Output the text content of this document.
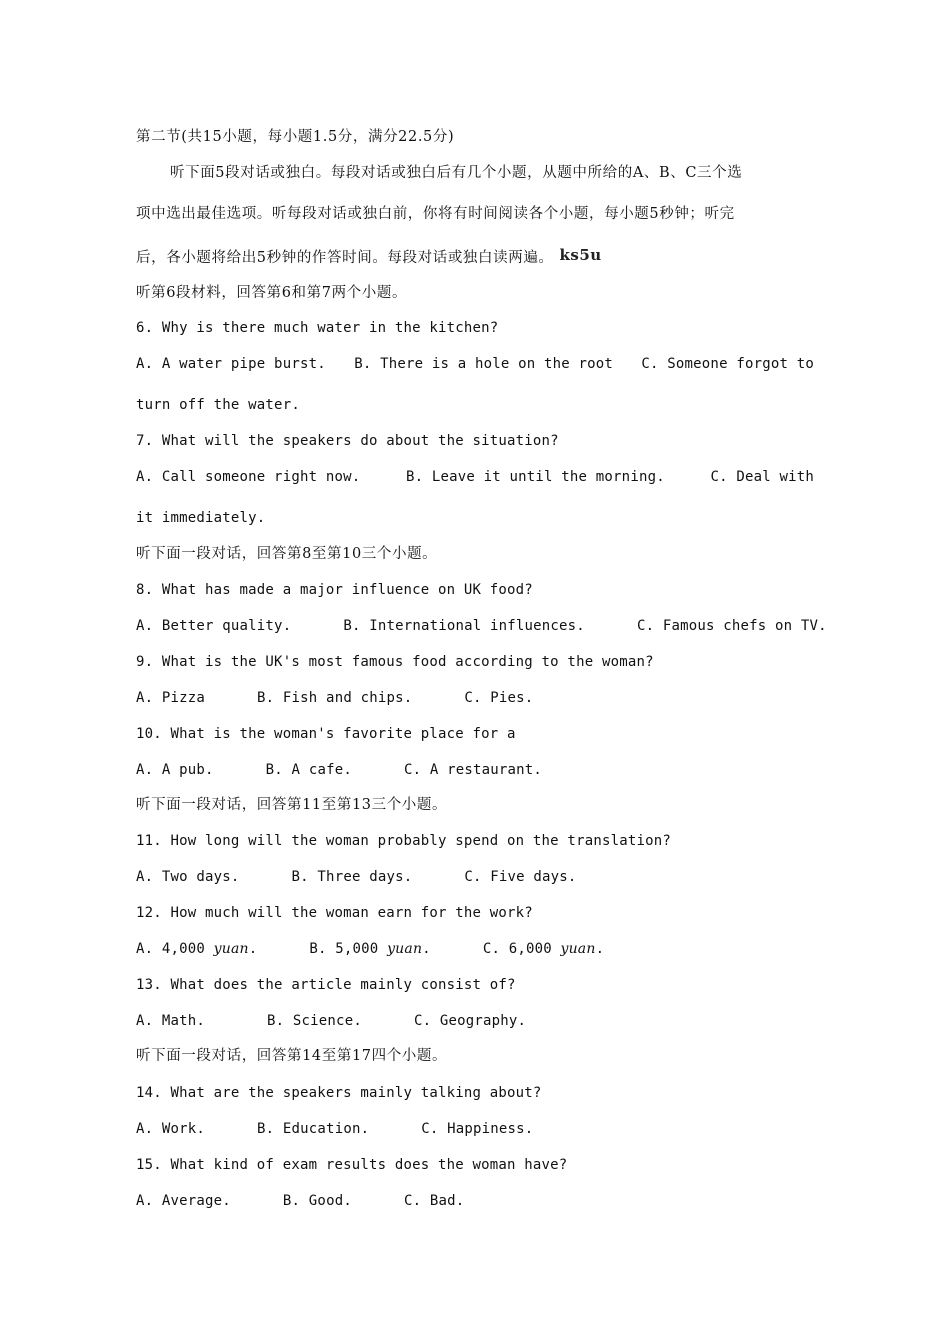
第二节(共15小题，每小题1.5分，满分22.5分)

听下面5段对话或独白。每段对话或独白后有几个小题，从题中所给的A、B、C三个选

项中选出最佳选项。听每段对话或独白前，你将有时间阅读各个小题，每小题5秒钟；听完

后，各小题将给出5秒钟的作答时间。每段对话或独白读两遍。 ks5u

听第6段材料，回答第6和第7两个小题。

6. Why is there much water in the kitchen?

A. A water pipe burst. B. There is a hole on the root C. Someone forgot to

turn off the water.

7. What will the speakers do about the situation?

A. Call someone right now.	B. Leave it until the morning.	C. Deal with

it immediately.

听下面一段对话，回答第8至第10三个小题。

8. What has made a major influence on UK food?

A. Better quality.	B. International influences.	C. Famous chefs on TV.

9. What is the UK's most famous food according to the woman?

A. Pizza	B. Fish and chips.	C. Pies.

10. What is the woman's favorite place for a

A. A pub.	B. A cafe.	C. A restaurant.

听下面一段对话，回答第11至第13三个小题。

11. How long will the woman probably spend on the translation?

A. Two days.	B. Three days.	C. Five days.

12. How much will the woman earn for the work?

A. 4,000 yuan.	B. 5,000 yuan.	C. 6,000 yuan.

13. What does the article mainly consist of?

A. Math.	B. Science.	C. Geography.

听下面一段对话，回答第14至第17四个小题。

14. What are the speakers mainly talking about?

A. Work.	B. Education.	C. Happiness.

15. What kind of exam results does the woman have?

A. Average.	B. Good.	C. Bad.
